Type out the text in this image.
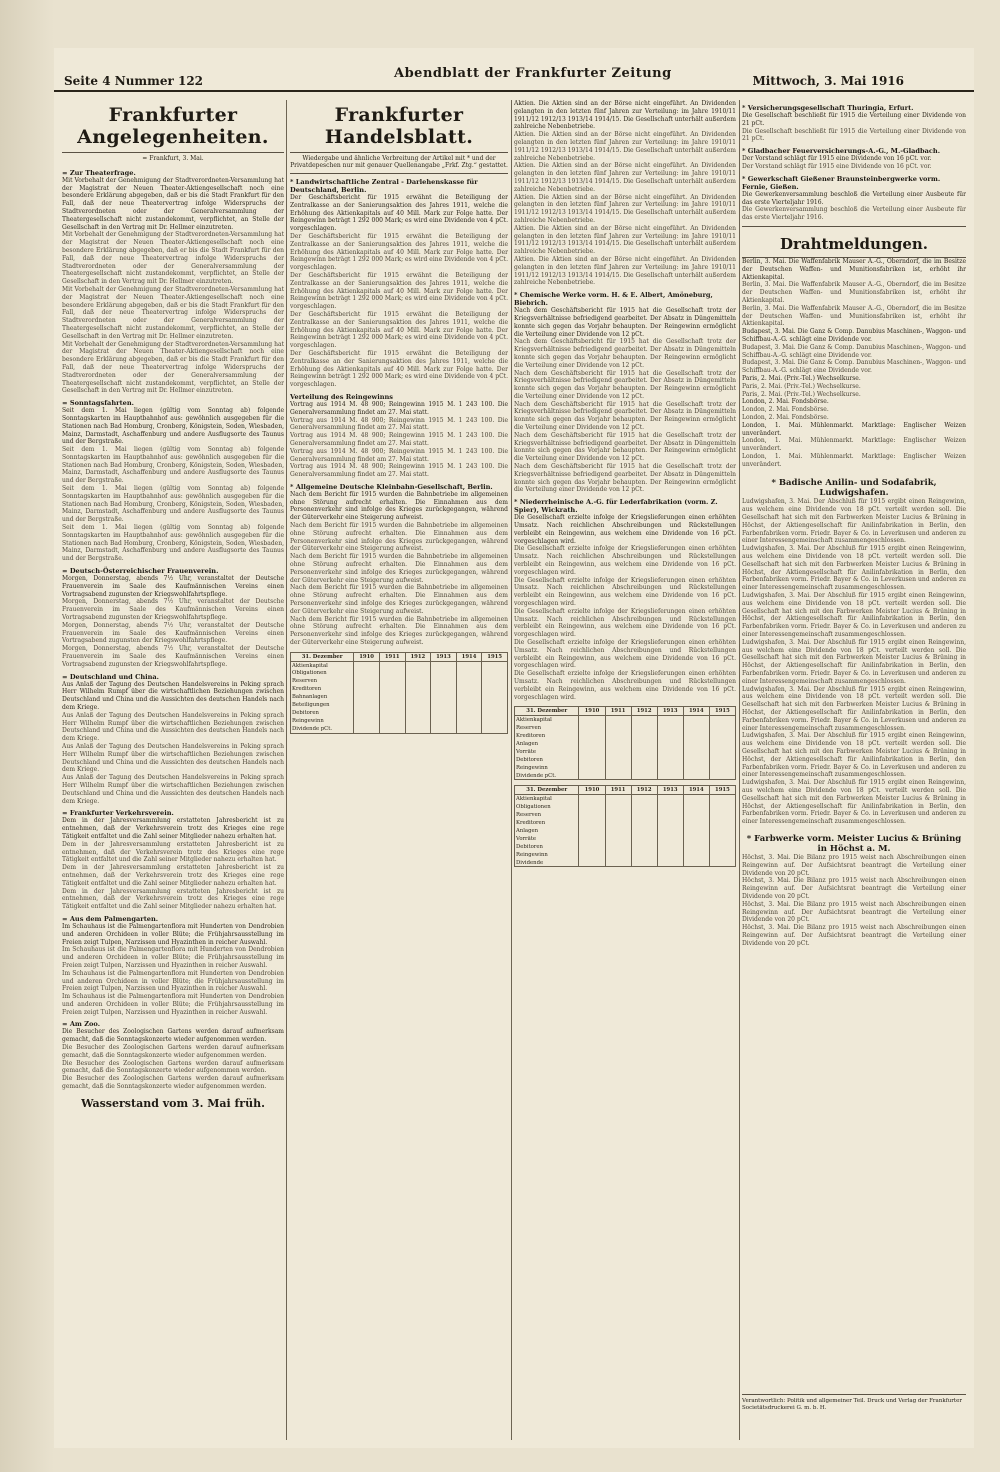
Seite 4 Nummer 122	Abendblatt der Frankfurter Zeitung	Mittwoch, 3. Mai 1916
Frankfurter Angelegenheiten.
= Frankfurt, 3. Mai.
= Zur Theaterfrage.
Mit Vorbehalt der Genehmigung der Stadtverordneten-Versammlung hat der Magistrat der Neuen Theater-Aktiengesellschaft noch eine besondere Erklärung abgegeben, daß er bis die Stadt Frankfurt für den Fall, daß der neue Theatervertrag infolge Widerspruchs der Stadtverordneten oder der Generalversammlung der Theatergesellschaft nicht zustandekommt, verpflichtet, an Stelle der Gesellschaft in den Vertrag mit Dr. Hellmer einzutreten.
Mit Vorbehalt der Genehmigung der Stadtverordneten-Versammlung hat der Magistrat der Neuen Theater-Aktiengesellschaft noch eine besondere Erklärung abgegeben, daß er bis die Stadt Frankfurt für den Fall, daß der neue Theatervertrag infolge Widerspruchs der Stadtverordneten oder der Generalversammlung der Theatergesellschaft nicht zustandekommt, verpflichtet, an Stelle der Gesellschaft in den Vertrag mit Dr. Hellmer einzutreten.
Mit Vorbehalt der Genehmigung der Stadtverordneten-Versammlung hat der Magistrat der Neuen Theater-Aktiengesellschaft noch eine besondere Erklärung abgegeben, daß er bis die Stadt Frankfurt für den Fall, daß der neue Theatervertrag infolge Widerspruchs der Stadtverordneten oder der Generalversammlung der Theatergesellschaft nicht zustandekommt, verpflichtet, an Stelle der Gesellschaft in den Vertrag mit Dr. Hellmer einzutreten.
Mit Vorbehalt der Genehmigung der Stadtverordneten-Versammlung hat der Magistrat der Neuen Theater-Aktiengesellschaft noch eine besondere Erklärung abgegeben, daß er bis die Stadt Frankfurt für den Fall, daß der neue Theatervertrag infolge Widerspruchs der Stadtverordneten oder der Generalversammlung der Theatergesellschaft nicht zustandekommt, verpflichtet, an Stelle der Gesellschaft in den Vertrag mit Dr. Hellmer einzutreten.
= Sonntagsfahrten.
Seit dem 1. Mai liegen (gültig vom Sonntag ab) folgende Sonntagskarten im Hauptbahnhof aus: gewöhnlich ausgegeben für die Stationen nach Bad Homburg, Cronberg, Königstein, Soden, Wiesbaden, Mainz, Darmstadt, Aschaffenburg und andere Ausflugsorte des Taunus und der Bergstraße.
Seit dem 1. Mai liegen (gültig vom Sonntag ab) folgende Sonntagskarten im Hauptbahnhof aus: gewöhnlich ausgegeben für die Stationen nach Bad Homburg, Cronberg, Königstein, Soden, Wiesbaden, Mainz, Darmstadt, Aschaffenburg und andere Ausflugsorte des Taunus und der Bergstraße.
Seit dem 1. Mai liegen (gültig vom Sonntag ab) folgende Sonntagskarten im Hauptbahnhof aus: gewöhnlich ausgegeben für die Stationen nach Bad Homburg, Cronberg, Königstein, Soden, Wiesbaden, Mainz, Darmstadt, Aschaffenburg und andere Ausflugsorte des Taunus und der Bergstraße.
Seit dem 1. Mai liegen (gültig vom Sonntag ab) folgende Sonntagskarten im Hauptbahnhof aus: gewöhnlich ausgegeben für die Stationen nach Bad Homburg, Cronberg, Königstein, Soden, Wiesbaden, Mainz, Darmstadt, Aschaffenburg und andere Ausflugsorte des Taunus und der Bergstraße.
= Deutsch-Österreichischer Frauenverein.
Morgen, Donnerstag, abends 7½ Uhr, veranstaltet der Deutsche Frauenverein im Saale des Kaufmännischen Vereins einen Vortragsabend zugunsten der Kriegswohlfahrtspflege.
Morgen, Donnerstag, abends 7½ Uhr, veranstaltet der Deutsche Frauenverein im Saale des Kaufmännischen Vereins einen Vortragsabend zugunsten der Kriegswohlfahrtspflege.
Morgen, Donnerstag, abends 7½ Uhr, veranstaltet der Deutsche Frauenverein im Saale des Kaufmännischen Vereins einen Vortragsabend zugunsten der Kriegswohlfahrtspflege.
Morgen, Donnerstag, abends 7½ Uhr, veranstaltet der Deutsche Frauenverein im Saale des Kaufmännischen Vereins einen Vortragsabend zugunsten der Kriegswohlfahrtspflege.
= Deutschland und China.
Aus Anlaß der Tagung des Deutschen Handelsvereins in Peking sprach Herr Wilhelm Rumpf über die wirtschaftlichen Beziehungen zwischen Deutschland und China und die Aussichten des deutschen Handels nach dem Kriege.
Aus Anlaß der Tagung des Deutschen Handelsvereins in Peking sprach Herr Wilhelm Rumpf über die wirtschaftlichen Beziehungen zwischen Deutschland und China und die Aussichten des deutschen Handels nach dem Kriege.
Aus Anlaß der Tagung des Deutschen Handelsvereins in Peking sprach Herr Wilhelm Rumpf über die wirtschaftlichen Beziehungen zwischen Deutschland und China und die Aussichten des deutschen Handels nach dem Kriege.
Aus Anlaß der Tagung des Deutschen Handelsvereins in Peking sprach Herr Wilhelm Rumpf über die wirtschaftlichen Beziehungen zwischen Deutschland und China und die Aussichten des deutschen Handels nach dem Kriege.
= Frankfurter Verkehrsverein.
Dem in der Jahresversammlung erstatteten Jahresbericht ist zu entnehmen, daß der Verkehrsverein trotz des Krieges eine rege Tätigkeit entfaltet und die Zahl seiner Mitglieder nahezu erhalten hat.
Dem in der Jahresversammlung erstatteten Jahresbericht ist zu entnehmen, daß der Verkehrsverein trotz des Krieges eine rege Tätigkeit entfaltet und die Zahl seiner Mitglieder nahezu erhalten hat.
Dem in der Jahresversammlung erstatteten Jahresbericht ist zu entnehmen, daß der Verkehrsverein trotz des Krieges eine rege Tätigkeit entfaltet und die Zahl seiner Mitglieder nahezu erhalten hat.
Dem in der Jahresversammlung erstatteten Jahresbericht ist zu entnehmen, daß der Verkehrsverein trotz des Krieges eine rege Tätigkeit entfaltet und die Zahl seiner Mitglieder nahezu erhalten hat.
= Aus dem Palmengarten.
Im Schauhaus ist die Palmengartenflora mit Hunderten von Dendrobien und anderen Orchideen in voller Blüte; die Frühjahrsausstellung im Freien zeigt Tulpen, Narzissen und Hyazinthen in reicher Auswahl.
Im Schauhaus ist die Palmengartenflora mit Hunderten von Dendrobien und anderen Orchideen in voller Blüte; die Frühjahrsausstellung im Freien zeigt Tulpen, Narzissen und Hyazinthen in reicher Auswahl.
Im Schauhaus ist die Palmengartenflora mit Hunderten von Dendrobien und anderen Orchideen in voller Blüte; die Frühjahrsausstellung im Freien zeigt Tulpen, Narzissen und Hyazinthen in reicher Auswahl.
Im Schauhaus ist die Palmengartenflora mit Hunderten von Dendrobien und anderen Orchideen in voller Blüte; die Frühjahrsausstellung im Freien zeigt Tulpen, Narzissen und Hyazinthen in reicher Auswahl.
= Am Zoo.
Die Besucher des Zoologischen Gartens werden darauf aufmerksam gemacht, daß die Sonntagskonzerte wieder aufgenommen werden.
Die Besucher des Zoologischen Gartens werden darauf aufmerksam gemacht, daß die Sonntagskonzerte wieder aufgenommen werden.
Die Besucher des Zoologischen Gartens werden darauf aufmerksam gemacht, daß die Sonntagskonzerte wieder aufgenommen werden.
Die Besucher des Zoologischen Gartens werden darauf aufmerksam gemacht, daß die Sonntagskonzerte wieder aufgenommen werden.
Wasserstand vom 3. Mai früh.
Frankfurter Handelsblatt.
Wiedergabe und ähnliche Verbreitung der Artikel mit * und der Privatdepeschen nur mit genauer Quellenangabe „Frkf. Ztg.“ gestattet.
* Landwirtschaftliche Zentral - Darlehenskasse für Deutschland, Berlin.
Der Geschäftsbericht für 1915 erwähnt die Beteiligung der Zentralkasse an der Sanierungsaktion des Jahres 1911, welche die Erhöhung des Aktienkapitals auf 40 Mill. Mark zur Folge hatte. Der Reingewinn beträgt 1 292 000 Mark; es wird eine Dividende von 4 pCt. vorgeschlagen.
Der Geschäftsbericht für 1915 erwähnt die Beteiligung der Zentralkasse an der Sanierungsaktion des Jahres 1911, welche die Erhöhung des Aktienkapitals auf 40 Mill. Mark zur Folge hatte. Der Reingewinn beträgt 1 292 000 Mark; es wird eine Dividende von 4 pCt. vorgeschlagen.
Der Geschäftsbericht für 1915 erwähnt die Beteiligung der Zentralkasse an der Sanierungsaktion des Jahres 1911, welche die Erhöhung des Aktienkapitals auf 40 Mill. Mark zur Folge hatte. Der Reingewinn beträgt 1 292 000 Mark; es wird eine Dividende von 4 pCt. vorgeschlagen.
Der Geschäftsbericht für 1915 erwähnt die Beteiligung der Zentralkasse an der Sanierungsaktion des Jahres 1911, welche die Erhöhung des Aktienkapitals auf 40 Mill. Mark zur Folge hatte. Der Reingewinn beträgt 1 292 000 Mark; es wird eine Dividende von 4 pCt. vorgeschlagen.
Der Geschäftsbericht für 1915 erwähnt die Beteiligung der Zentralkasse an der Sanierungsaktion des Jahres 1911, welche die Erhöhung des Aktienkapitals auf 40 Mill. Mark zur Folge hatte. Der Reingewinn beträgt 1 292 000 Mark; es wird eine Dividende von 4 pCt. vorgeschlagen.
Verteilung des Reingewinns
Vortrag aus 1914 M. 48 900; Reingewinn 1915 M. 1 243 100. Die Generalversammlung findet am 27. Mai statt.
Vortrag aus 1914 M. 48 900; Reingewinn 1915 M. 1 243 100. Die Generalversammlung findet am 27. Mai statt.
Vortrag aus 1914 M. 48 900; Reingewinn 1915 M. 1 243 100. Die Generalversammlung findet am 27. Mai statt.
Vortrag aus 1914 M. 48 900; Reingewinn 1915 M. 1 243 100. Die Generalversammlung findet am 27. Mai statt.
Vortrag aus 1914 M. 48 900; Reingewinn 1915 M. 1 243 100. Die Generalversammlung findet am 27. Mai statt.
* Allgemeine Deutsche Kleinbahn-Gesellschaft, Berlin.
Nach dem Bericht für 1915 wurden die Bahnbetriebe im allgemeinen ohne Störung aufrecht erhalten. Die Einnahmen aus dem Personenverkehr sind infolge des Krieges zurückgegangen, während der Güterverkehr eine Steigerung aufweist.
Nach dem Bericht für 1915 wurden die Bahnbetriebe im allgemeinen ohne Störung aufrecht erhalten. Die Einnahmen aus dem Personenverkehr sind infolge des Krieges zurückgegangen, während der Güterverkehr eine Steigerung aufweist.
Nach dem Bericht für 1915 wurden die Bahnbetriebe im allgemeinen ohne Störung aufrecht erhalten. Die Einnahmen aus dem Personenverkehr sind infolge des Krieges zurückgegangen, während der Güterverkehr eine Steigerung aufweist.
Nach dem Bericht für 1915 wurden die Bahnbetriebe im allgemeinen ohne Störung aufrecht erhalten. Die Einnahmen aus dem Personenverkehr sind infolge des Krieges zurückgegangen, während der Güterverkehr eine Steigerung aufweist.
Nach dem Bericht für 1915 wurden die Bahnbetriebe im allgemeinen ohne Störung aufrecht erhalten. Die Einnahmen aus dem Personenverkehr sind infolge des Krieges zurückgegangen, während der Güterverkehr eine Steigerung aufweist.
31. Dezember	1910	1911	1912	1913	1914	1915
Aktienkapital						
Obligationen						
Reserven						
Kreditoren						
Bahnanlagen						
Beteiligungen						
Debitoren						
Reingewinn						
Dividende pCt.						
Aktien. Die Aktien sind an der Börse nicht eingeführt. An Dividenden gelangten in den letzten fünf Jahren zur Verteilung: im Jahre 1910/11 1911/12 1912/13 1913/14 1914/15. Die Gesellschaft unterhält außerdem zahlreiche Nebenbetriebe.
Aktien. Die Aktien sind an der Börse nicht eingeführt. An Dividenden gelangten in den letzten fünf Jahren zur Verteilung: im Jahre 1910/11 1911/12 1912/13 1913/14 1914/15. Die Gesellschaft unterhält außerdem zahlreiche Nebenbetriebe.
Aktien. Die Aktien sind an der Börse nicht eingeführt. An Dividenden gelangten in den letzten fünf Jahren zur Verteilung: im Jahre 1910/11 1911/12 1912/13 1913/14 1914/15. Die Gesellschaft unterhält außerdem zahlreiche Nebenbetriebe.
Aktien. Die Aktien sind an der Börse nicht eingeführt. An Dividenden gelangten in den letzten fünf Jahren zur Verteilung: im Jahre 1910/11 1911/12 1912/13 1913/14 1914/15. Die Gesellschaft unterhält außerdem zahlreiche Nebenbetriebe.
Aktien. Die Aktien sind an der Börse nicht eingeführt. An Dividenden gelangten in den letzten fünf Jahren zur Verteilung: im Jahre 1910/11 1911/12 1912/13 1913/14 1914/15. Die Gesellschaft unterhält außerdem zahlreiche Nebenbetriebe.
Aktien. Die Aktien sind an der Börse nicht eingeführt. An Dividenden gelangten in den letzten fünf Jahren zur Verteilung: im Jahre 1910/11 1911/12 1912/13 1913/14 1914/15. Die Gesellschaft unterhält außerdem zahlreiche Nebenbetriebe.
* Chemische Werke vorm. H. & E. Albert, Amöneburg, Biebrich.
Nach dem Geschäftsbericht für 1915 hat die Gesellschaft trotz der Kriegsverhältnisse befriedigend gearbeitet. Der Absatz in Düngemitteln konnte sich gegen das Vorjahr behaupten. Der Reingewinn ermöglicht die Verteilung einer Dividende von 12 pCt.
Nach dem Geschäftsbericht für 1915 hat die Gesellschaft trotz der Kriegsverhältnisse befriedigend gearbeitet. Der Absatz in Düngemitteln konnte sich gegen das Vorjahr behaupten. Der Reingewinn ermöglicht die Verteilung einer Dividende von 12 pCt.
Nach dem Geschäftsbericht für 1915 hat die Gesellschaft trotz der Kriegsverhältnisse befriedigend gearbeitet. Der Absatz in Düngemitteln konnte sich gegen das Vorjahr behaupten. Der Reingewinn ermöglicht die Verteilung einer Dividende von 12 pCt.
Nach dem Geschäftsbericht für 1915 hat die Gesellschaft trotz der Kriegsverhältnisse befriedigend gearbeitet. Der Absatz in Düngemitteln konnte sich gegen das Vorjahr behaupten. Der Reingewinn ermöglicht die Verteilung einer Dividende von 12 pCt.
Nach dem Geschäftsbericht für 1915 hat die Gesellschaft trotz der Kriegsverhältnisse befriedigend gearbeitet. Der Absatz in Düngemitteln konnte sich gegen das Vorjahr behaupten. Der Reingewinn ermöglicht die Verteilung einer Dividende von 12 pCt.
Nach dem Geschäftsbericht für 1915 hat die Gesellschaft trotz der Kriegsverhältnisse befriedigend gearbeitet. Der Absatz in Düngemitteln konnte sich gegen das Vorjahr behaupten. Der Reingewinn ermöglicht die Verteilung einer Dividende von 12 pCt.
* Niederrheinische A.-G. für Lederfabrikation (vorm. Z. Spier), Wickrath.
Die Gesellschaft erzielte infolge der Kriegslieferungen einen erhöhten Umsatz. Nach reichlichen Abschreibungen und Rückstellungen verbleibt ein Reingewinn, aus welchem eine Dividende von 16 pCt. vorgeschlagen wird.
Die Gesellschaft erzielte infolge der Kriegslieferungen einen erhöhten Umsatz. Nach reichlichen Abschreibungen und Rückstellungen verbleibt ein Reingewinn, aus welchem eine Dividende von 16 pCt. vorgeschlagen wird.
Die Gesellschaft erzielte infolge der Kriegslieferungen einen erhöhten Umsatz. Nach reichlichen Abschreibungen und Rückstellungen verbleibt ein Reingewinn, aus welchem eine Dividende von 16 pCt. vorgeschlagen wird.
Die Gesellschaft erzielte infolge der Kriegslieferungen einen erhöhten Umsatz. Nach reichlichen Abschreibungen und Rückstellungen verbleibt ein Reingewinn, aus welchem eine Dividende von 16 pCt. vorgeschlagen wird.
Die Gesellschaft erzielte infolge der Kriegslieferungen einen erhöhten Umsatz. Nach reichlichen Abschreibungen und Rückstellungen verbleibt ein Reingewinn, aus welchem eine Dividende von 16 pCt. vorgeschlagen wird.
Die Gesellschaft erzielte infolge der Kriegslieferungen einen erhöhten Umsatz. Nach reichlichen Abschreibungen und Rückstellungen verbleibt ein Reingewinn, aus welchem eine Dividende von 16 pCt. vorgeschlagen wird.
31. Dezember	1910	1911	1912	1913	1914	1915
Aktienkapital						
Reserven						
Kreditoren						
Anlagen						
Vorräte						
Debitoren						
Reingewinn						
Dividende pCt.						
31. Dezember	1910	1911	1912	1913	1914	1915
Aktienkapital						
Obligationen						
Reserven						
Kreditoren						
Anlagen						
Vorräte						
Debitoren						
Reingewinn						
Dividende						
* Versicherungsgesellschaft Thuringia, Erfurt.
Die Gesellschaft beschließt für 1915 die Verteilung einer Dividende von 21 pCt.
Die Gesellschaft beschließt für 1915 die Verteilung einer Dividende von 21 pCt.
* Gladbacher Feuerversicherungs-A.-G., M.-Gladbach.
Der Vorstand schlägt für 1915 eine Dividende von 16 pCt. vor.
Der Vorstand schlägt für 1915 eine Dividende von 16 pCt. vor.
* Gewerkschaft Gießener Braunsteinbergwerke vorm. Fernie, Gießen.
Die Gewerkenversammlung beschloß die Verteilung einer Ausbeute für das erste Vierteljahr 1916.
Die Gewerkenversammlung beschloß die Verteilung einer Ausbeute für das erste Vierteljahr 1916.
Drahtmeldungen.
Berlin, 3. Mai. Die Waffenfabrik Mauser A.-G., Oberndorf, die im Besitze der Deutschen Waffen- und Munitionsfabriken ist, erhöht ihr Aktienkapital.
Berlin, 3. Mai. Die Waffenfabrik Mauser A.-G., Oberndorf, die im Besitze der Deutschen Waffen- und Munitionsfabriken ist, erhöht ihr Aktienkapital.
Berlin, 3. Mai. Die Waffenfabrik Mauser A.-G., Oberndorf, die im Besitze der Deutschen Waffen- und Munitionsfabriken ist, erhöht ihr Aktienkapital.
Budapest, 3. Mai. Die Ganz & Comp. Danubius Maschinen-, Waggon- und Schiffbau-A.-G. schlägt eine Dividende vor.
Budapest, 3. Mai. Die Ganz & Comp. Danubius Maschinen-, Waggon- und Schiffbau-A.-G. schlägt eine Dividende vor.
Budapest, 3. Mai. Die Ganz & Comp. Danubius Maschinen-, Waggon- und Schiffbau-A.-G. schlägt eine Dividende vor.
Paris, 2. Mai. (Priv.-Tel.) Wechselkurse.
Paris, 2. Mai. (Priv.-Tel.) Wechselkurse.
Paris, 2. Mai. (Priv.-Tel.) Wechselkurse.
London, 2. Mai. Fondsbörse.
London, 2. Mai. Fondsbörse.
London, 2. Mai. Fondsbörse.
London, 1. Mai. Mühlenmarkt. Marktlage: Englischer Weizen unverändert.
London, 1. Mai. Mühlenmarkt. Marktlage: Englischer Weizen unverändert.
London, 1. Mai. Mühlenmarkt. Marktlage: Englischer Weizen unverändert.
* Badische Anilin- und Sodafabrik, Ludwigshafen.
Ludwigshafen, 3. Mai. Der Abschluß für 1915 ergibt einen Reingewinn, aus welchem eine Dividende von 18 pCt. verteilt werden soll. Die Gesellschaft hat sich mit den Farbwerken Meister Lucius & Brüning in Höchst, der Aktiengesellschaft für Anilinfabrikation in Berlin, den Farbenfabriken vorm. Friedr. Bayer & Co. in Leverkusen und anderen zu einer Interessengemeinschaft zusammengeschlossen.
Ludwigshafen, 3. Mai. Der Abschluß für 1915 ergibt einen Reingewinn, aus welchem eine Dividende von 18 pCt. verteilt werden soll. Die Gesellschaft hat sich mit den Farbwerken Meister Lucius & Brüning in Höchst, der Aktiengesellschaft für Anilinfabrikation in Berlin, den Farbenfabriken vorm. Friedr. Bayer & Co. in Leverkusen und anderen zu einer Interessengemeinschaft zusammengeschlossen.
Ludwigshafen, 3. Mai. Der Abschluß für 1915 ergibt einen Reingewinn, aus welchem eine Dividende von 18 pCt. verteilt werden soll. Die Gesellschaft hat sich mit den Farbwerken Meister Lucius & Brüning in Höchst, der Aktiengesellschaft für Anilinfabrikation in Berlin, den Farbenfabriken vorm. Friedr. Bayer & Co. in Leverkusen und anderen zu einer Interessengemeinschaft zusammengeschlossen.
Ludwigshafen, 3. Mai. Der Abschluß für 1915 ergibt einen Reingewinn, aus welchem eine Dividende von 18 pCt. verteilt werden soll. Die Gesellschaft hat sich mit den Farbwerken Meister Lucius & Brüning in Höchst, der Aktiengesellschaft für Anilinfabrikation in Berlin, den Farbenfabriken vorm. Friedr. Bayer & Co. in Leverkusen und anderen zu einer Interessengemeinschaft zusammengeschlossen.
Ludwigshafen, 3. Mai. Der Abschluß für 1915 ergibt einen Reingewinn, aus welchem eine Dividende von 18 pCt. verteilt werden soll. Die Gesellschaft hat sich mit den Farbwerken Meister Lucius & Brüning in Höchst, der Aktiengesellschaft für Anilinfabrikation in Berlin, den Farbenfabriken vorm. Friedr. Bayer & Co. in Leverkusen und anderen zu einer Interessengemeinschaft zusammengeschlossen.
Ludwigshafen, 3. Mai. Der Abschluß für 1915 ergibt einen Reingewinn, aus welchem eine Dividende von 18 pCt. verteilt werden soll. Die Gesellschaft hat sich mit den Farbwerken Meister Lucius & Brüning in Höchst, der Aktiengesellschaft für Anilinfabrikation in Berlin, den Farbenfabriken vorm. Friedr. Bayer & Co. in Leverkusen und anderen zu einer Interessengemeinschaft zusammengeschlossen.
Ludwigshafen, 3. Mai. Der Abschluß für 1915 ergibt einen Reingewinn, aus welchem eine Dividende von 18 pCt. verteilt werden soll. Die Gesellschaft hat sich mit den Farbwerken Meister Lucius & Brüning in Höchst, der Aktiengesellschaft für Anilinfabrikation in Berlin, den Farbenfabriken vorm. Friedr. Bayer & Co. in Leverkusen und anderen zu einer Interessengemeinschaft zusammengeschlossen.
* Farbwerke vorm. Meister Lucius & Brüning in Höchst a. M.
Höchst, 3. Mai. Die Bilanz pro 1915 weist nach Abschreibungen einen Reingewinn auf. Der Aufsichtsrat beantragt die Verteilung einer Dividende von 20 pCt.
Höchst, 3. Mai. Die Bilanz pro 1915 weist nach Abschreibungen einen Reingewinn auf. Der Aufsichtsrat beantragt die Verteilung einer Dividende von 20 pCt.
Höchst, 3. Mai. Die Bilanz pro 1915 weist nach Abschreibungen einen Reingewinn auf. Der Aufsichtsrat beantragt die Verteilung einer Dividende von 20 pCt.
Höchst, 3. Mai. Die Bilanz pro 1915 weist nach Abschreibungen einen Reingewinn auf. Der Aufsichtsrat beantragt die Verteilung einer Dividende von 20 pCt.
Verantwortlich: Politik und allgemeiner Teil. Druck und Verlag der Frankfurter Societätsdruckerei G. m. b. H.
